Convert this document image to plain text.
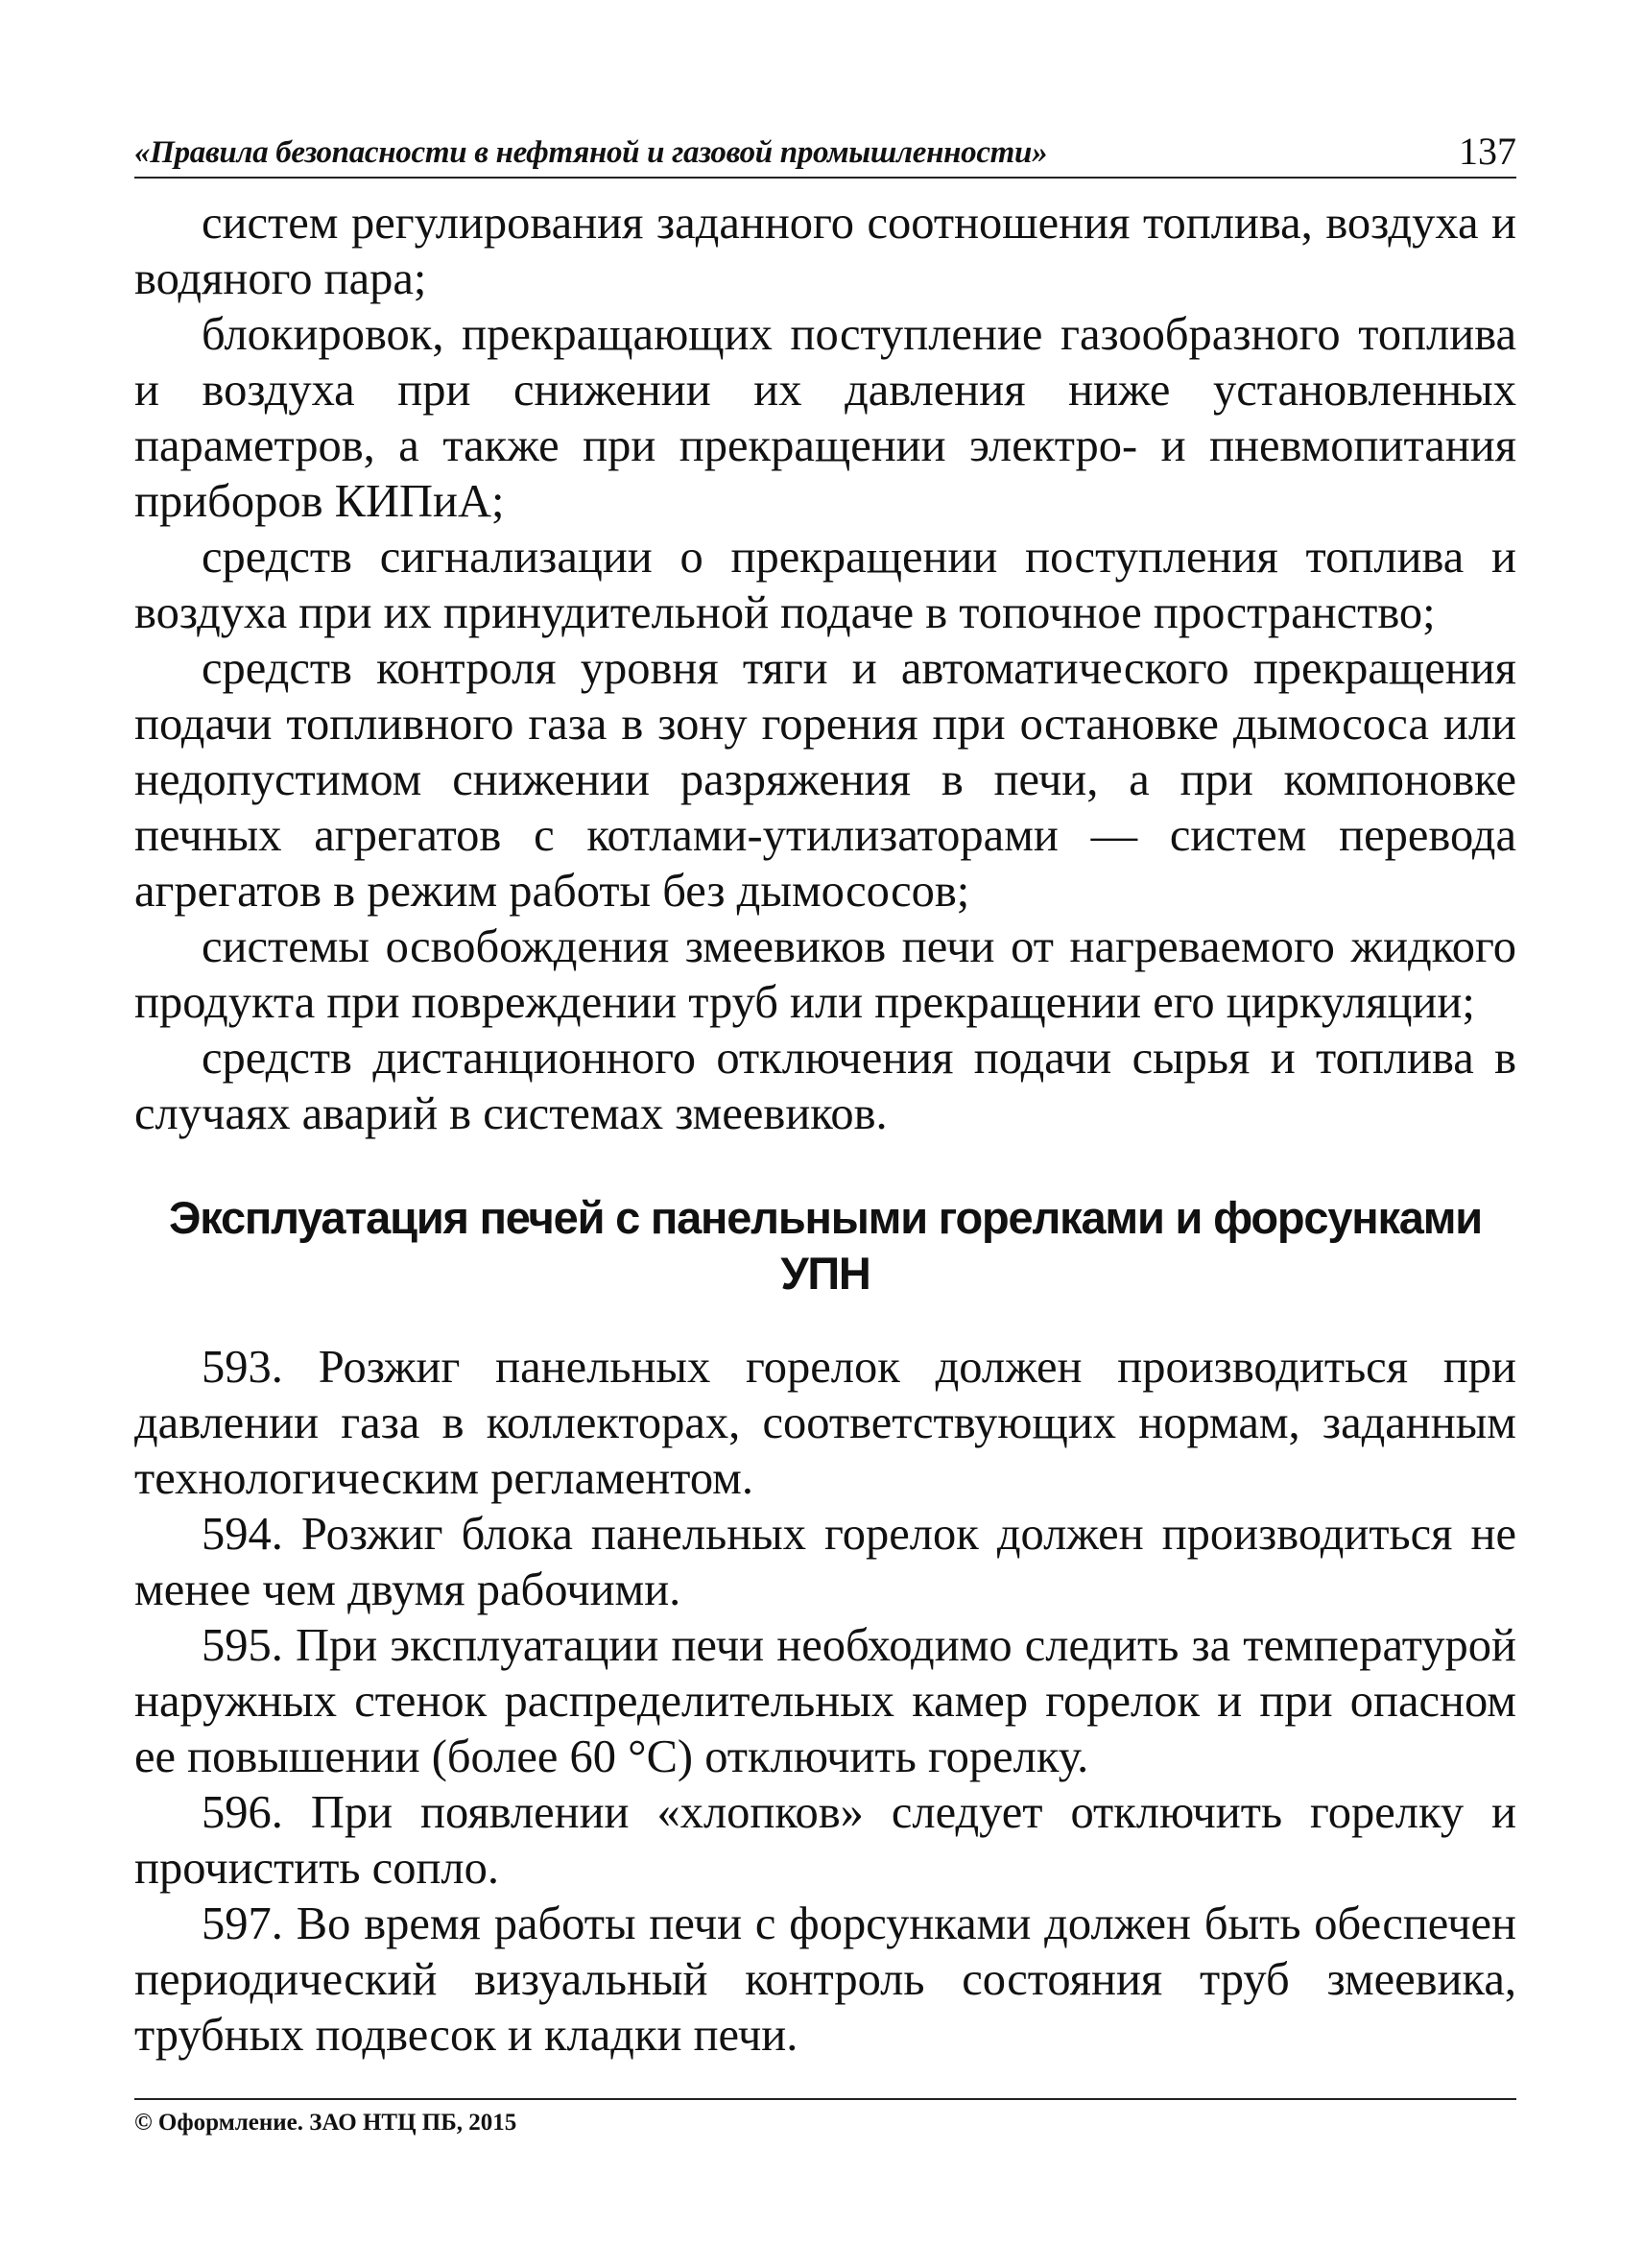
«Правила безопасности в нефтяной и газовой промышленности»	137

систем регулирования заданного соотношения топлива, воздуха и водяного пара;

блокировок, прекращающих поступление газообразного топлива и воздуха при снижении их давления ниже установленных параметров, а также при прекращении электро- и пневмопитания приборов КИПиА;

средств сигнализации о прекращении поступления топлива и воздуха при их принудительной подаче в топочное пространство;

средств контроля уровня тяги и автоматического прекращения подачи топливного газа в зону горения при остановке дымососа или недопустимом снижении разряжения в печи, а при компоновке печных агрегатов с котлами-утилизаторами — систем перевода агрегатов в режим работы без дымососов;

системы освобождения змеевиков печи от нагреваемого жидкого продукта при повреждении труб или прекращении его циркуляции;

средств дистанционного отключения подачи сырья и топлива в случаях аварий в системах змеевиков.

Эксплуатация печей с панельными горелками и форсунками УПН

593. Розжиг панельных горелок должен производиться при давлении газа в коллекторах, соответствующих нормам, заданным технологическим регламентом.

594. Розжиг блока панельных горелок должен производиться не менее чем двумя рабочими.

595. При эксплуатации печи необходимо следить за температурой наружных стенок распределительных камер горелок и при опасном ее повышении (более 60 °C) отключить горелку.

596. При появлении «хлопков» следует отключить горелку и прочистить сопло.

597. Во время работы печи с форсунками должен быть обеспечен периодический визуальный контроль состояния труб змеевика, трубных подвесок и кладки печи.

© Оформление. ЗАО НТЦ ПБ, 2015
